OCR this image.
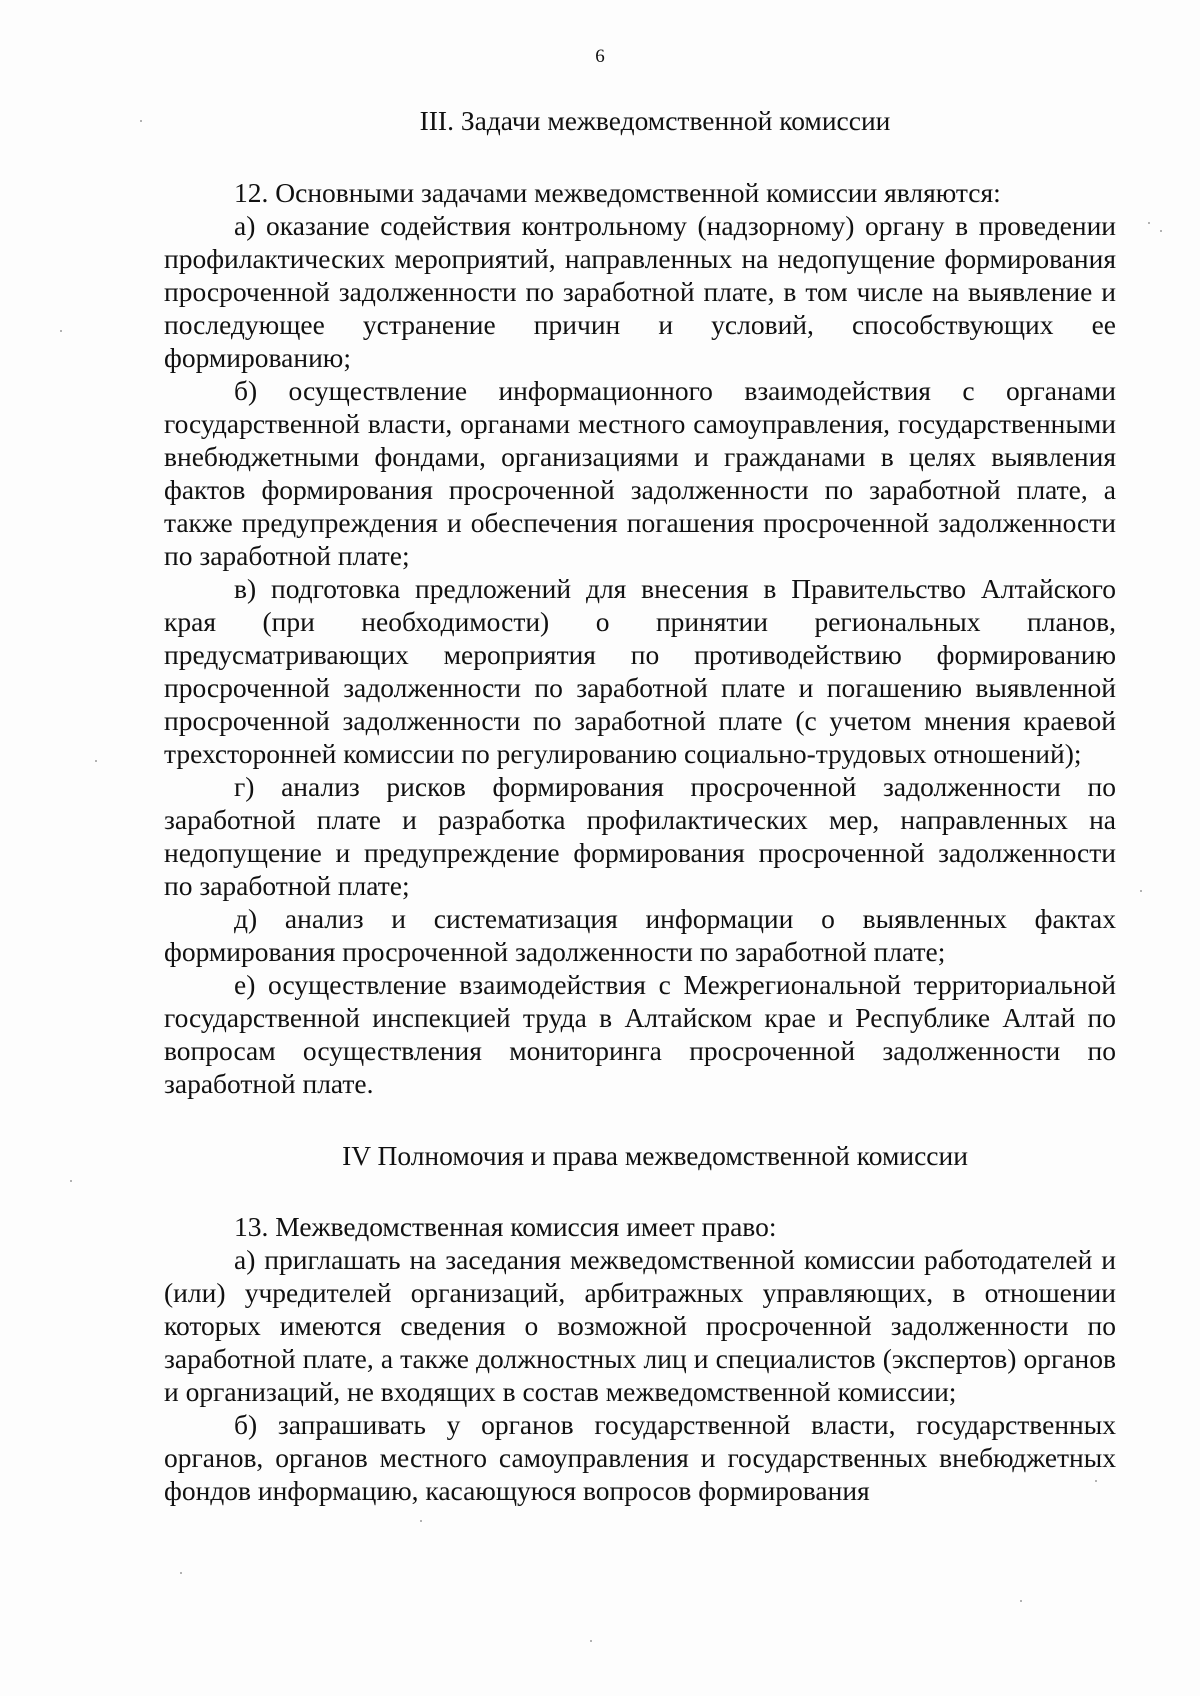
6
III. Задачи межведомственной комиссии

12. Основными задачами межведомственной комиссии являются:

а) оказание содействия контрольному (надзорному) органу в проведении профилактических мероприятий, направленных на недопущение формирования просроченной задолженности по заработной плате, в том числе на выявление и последующее устранение причин и условий, способствующих ее формированию;

б) осуществление информационного взаимодействия с органами государственной власти, органами местного самоуправления, государственными внебюджетными фондами, организациями и гражданами в целях выявления фактов формирования просроченной задолженности по заработной плате, а также предупреждения и обеспечения погашения просроченной задолженности по заработной плате;

в) подготовка предложений для внесения в Правительство Алтайского края (при необходимости) о принятии региональных планов, предусматривающих мероприятия по противодействию формированию просроченной задолженности по заработной плате и погашению выявленной просроченной задолженности по заработной плате (с учетом мнения краевой трехсторонней комиссии по регулированию социально-трудовых отношений);

г) анализ рисков формирования просроченной задолженности по заработной плате и разработка профилактических мер, направленных на недопущение и предупреждение формирования просроченной задолженности по заработной плате;

д) анализ и систематизация информации о выявленных фактах формирования просроченной задолженности по заработной плате;

е) осуществление взаимодействия с Межрегиональной территориальной государственной инспекцией труда в Алтайском крае и Республике Алтай по вопросам осуществления мониторинга просроченной задолженности по заработной плате.

IV Полномочия и права межведомственной комиссии

13. Межведомственная комиссия имеет право:

а) приглашать на заседания межведомственной комиссии работодателей и (или) учредителей организаций, арбитражных управляющих, в отношении которых имеются сведения о возможной просроченной задолженности по заработной плате, а также должностных лиц и специалистов (экспертов) органов и организаций, не входящих в состав межведомственной комиссии;

б) запрашивать у органов государственной власти, государственных органов, органов местного самоуправления и государственных внебюджетных фондов информацию, касающуюся вопросов формирования
